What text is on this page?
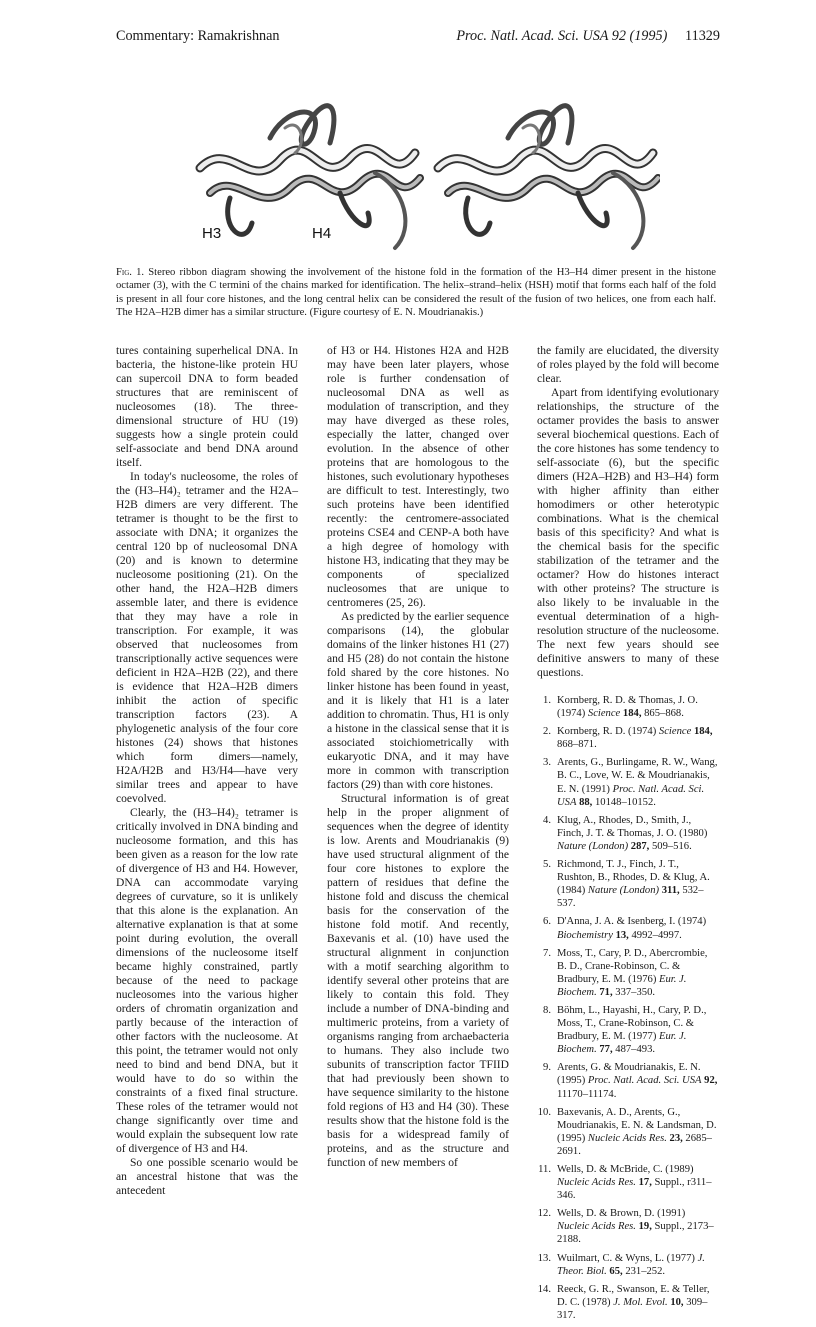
Commentary: Ramakrishnan	Proc. Natl. Acad. Sci. USA 92 (1995) 11329
H3	H4
Fig. 1. Stereo ribbon diagram showing the involvement of the histone fold in the formation of the H3–H4 dimer present in the histone octamer (3), with the C termini of the chains marked for identification. The helix–strand–helix (HSH) motif that forms each half of the fold is present in all four core histones, and the long central helix can be considered the result of the fusion of two helices, one from each half. The H2A–H2B dimer has a similar structure. (Figure courtesy of E. N. Moudrianakis.)

tures containing superhelical DNA. In bacteria, the histone-like protein HU can supercoil DNA to form beaded structures that are reminiscent of nucleosomes (18). The three-dimensional structure of HU (19) suggests how a single protein could self-associate and bend DNA around itself.

In today's nucleosome, the roles of the (H3–H4)₂ tetramer and the H2A–H2B dimers are very different. The tetramer is thought to be the first to associate with DNA; it organizes the central 120 bp of nucleosomal DNA (20) and is known to determine nucleosome positioning (21). On the other hand, the H2A–H2B dimers assemble later, and there is evidence that they may have a role in transcription. For example, it was observed that nucleosomes from transcriptionally active sequences were deficient in H2A–H2B (22), and there is evidence that H2A–H2B dimers inhibit the action of specific transcription factors (23). A phylogenetic analysis of the four core histones (24) shows that histones which form dimers—namely, H2A/H2B and H3/H4—have very similar trees and appear to have coevolved.

Clearly, the (H3–H4)₂ tetramer is critically involved in DNA binding and nucleosome formation, and this has been given as a reason for the low rate of divergence of H3 and H4. However, DNA can accommodate varying degrees of curvature, so it is unlikely that this alone is the explanation. An alternative explanation is that at some point during evolution, the overall dimensions of the nucleosome itself became highly constrained, partly because of the need to package nucleosomes into the various higher orders of chromatin organization and partly because of the interaction of other factors with the nucleosome. At this point, the tetramer would not only need to bind and bend DNA, but it would have to do so within the constraints of a fixed final structure. These roles of the tetramer would not change significantly over time and would explain the subsequent low rate of divergence of H3 and H4.

So one possible scenario would be an ancestral histone that was the antecedent

of H3 or H4. Histones H2A and H2B may have been later players, whose role is further condensation of nucleosomal DNA as well as modulation of transcription, and they may have diverged as these roles, especially the latter, changed over evolution. In the absence of other proteins that are homologous to the histones, such evolutionary hypotheses are difficult to test. Interestingly, two such proteins have been identified recently: the centromere-associated proteins CSE4 and CENP-A both have a high degree of homology with histone H3, indicating that they may be components of specialized nucleosomes that are unique to centromeres (25, 26).

As predicted by the earlier sequence comparisons (14), the globular domains of the linker histones H1 (27) and H5 (28) do not contain the histone fold shared by the core histones. No linker histone has been found in yeast, and it is likely that H1 is a later addition to chromatin. Thus, H1 is only a histone in the classical sense that it is associated stoichiometrically with eukaryotic DNA, and it may have more in common with transcription factors (29) than with core histones.

Structural information is of great help in the proper alignment of sequences when the degree of identity is low. Arents and Moudrianakis (9) have used structural alignment of the four core histones to explore the pattern of residues that define the histone fold and discuss the chemical basis for the conservation of the histone fold motif. And recently, Baxevanis et al. (10) have used the structural alignment in conjunction with a motif searching algorithm to identify several other proteins that are likely to contain this fold. They include a number of DNA-binding and multimeric proteins, from a variety of organisms ranging from archaebacteria to humans. They also include two subunits of transcription factor TFIID that had previously been shown to have sequence similarity to the histone fold regions of H3 and H4 (30). These results show that the histone fold is the basis for a widespread family of proteins, and as the structure and function of new members of

the family are elucidated, the diversity of roles played by the fold will become clear.

Apart from identifying evolutionary relationships, the structure of the octamer provides the basis to answer several biochemical questions. Each of the core histones has some tendency to self-associate (6), but the specific dimers (H2A–H2B) and H3–H4) form with higher affinity than either homodimers or other heterotypic combinations. What is the chemical basis of this specificity? And what is the chemical basis for the specific stabilization of the tetramer and the octamer? How do histones interact with other proteins? The structure is also likely to be invaluable in the eventual determination of a high-resolution structure of the nucleosome. The next few years should see definitive answers to many of these questions.

1. Kornberg, R. D. & Thomas, J. O. (1974) Science 184, 865–868.
2. Kornberg, R. D. (1974) Science 184, 868–871.
3. Arents, G., Burlingame, R. W., Wang, B. C., Love, W. E. & Moudrianakis, E. N. (1991) Proc. Natl. Acad. Sci. USA 88, 10148–10152.
4. Klug, A., Rhodes, D., Smith, J., Finch, J. T. & Thomas, J. O. (1980) Nature (London) 287, 509–516.
5. Richmond, T. J., Finch, J. T., Rushton, B., Rhodes, D. & Klug, A. (1984) Nature (London) 311, 532–537.
6. D'Anna, J. A. & Isenberg, I. (1974) Biochemistry 13, 4992–4997.
7. Moss, T., Cary, P. D., Abercrombie, B. D., Crane-Robinson, C. & Bradbury, E. M. (1976) Eur. J. Biochem. 71, 337–350.
8. Böhm, L., Hayashi, H., Cary, P. D., Moss, T., Crane-Robinson, C. & Bradbury, E. M. (1977) Eur. J. Biochem. 77, 487–493.
9. Arents, G. & Moudrianakis, E. N. (1995) Proc. Natl. Acad. Sci. USA 92, 11170–11174.
10. Baxevanis, A. D., Arents, G., Moudrianakis, E. N. & Landsman, D. (1995) Nucleic Acids Res. 23, 2685–2691.
11. Wells, D. & McBride, C. (1989) Nucleic Acids Res. 17, Suppl., r311–346.
12. Wells, D. & Brown, D. (1991) Nucleic Acids Res. 19, Suppl., 2173–2188.
13. Wuilmart, C. & Wyns, L. (1977) J. Theor. Biol. 65, 231–252.
14. Reeck, G. R., Swanson, E. & Teller, D. C. (1978) J. Mol. Evol. 10, 309–317.
